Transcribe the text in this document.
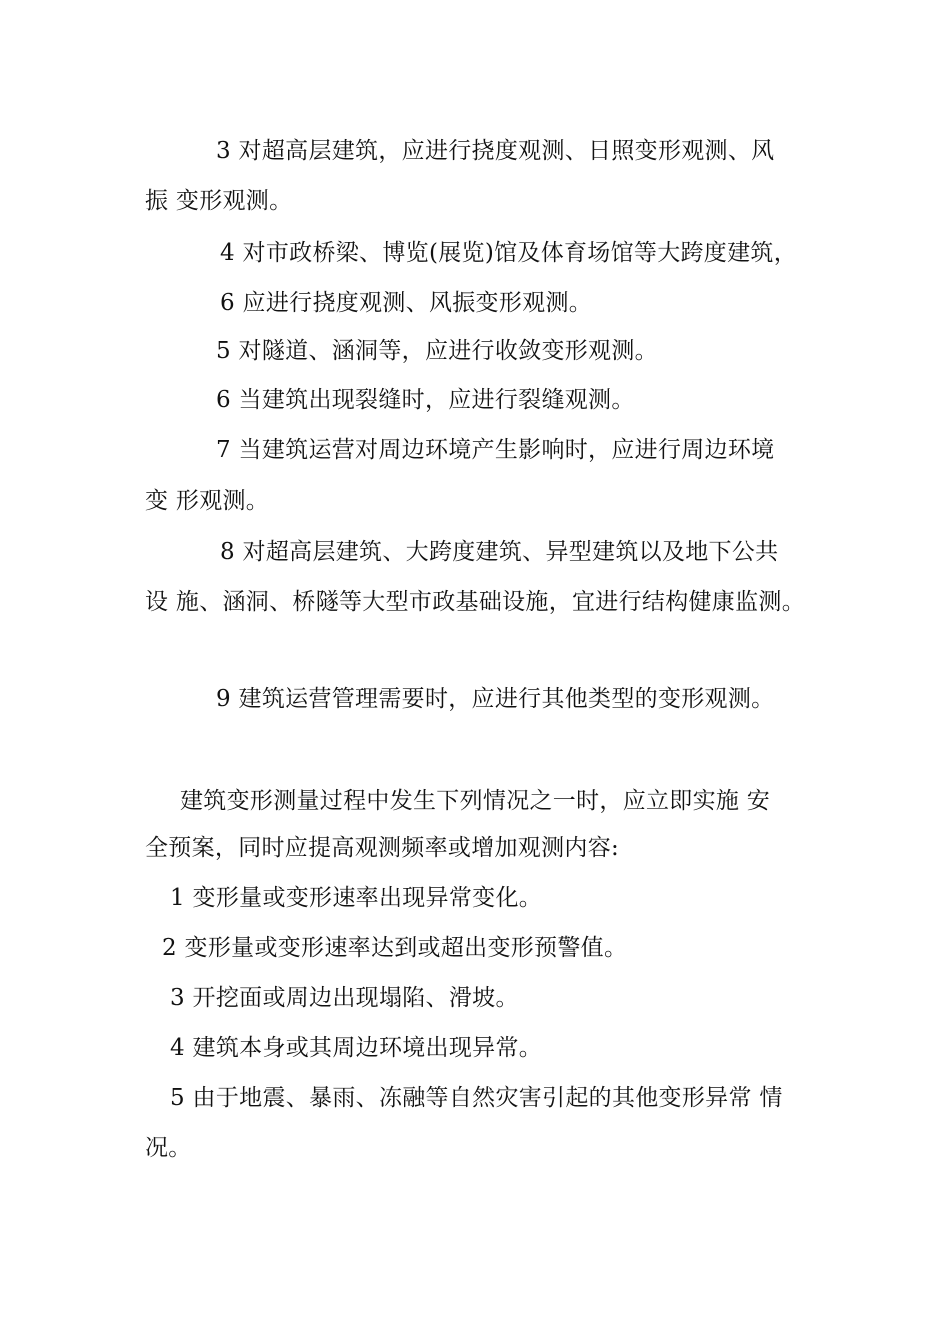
3 对超高层建筑，应进行挠度观测、日照变形观测、风
振 变形观测。
4 对市政桥梁、博览(展览)馆及体育场馆等大跨度建筑，
6 应进行挠度观测、风振变形观测。
5 对隧道、涵洞等，应进行收敛变形观测。
6 当建筑出现裂缝时，应进行裂缝观测。
7 当建筑运营对周边环境产生影响时，应进行周边环境
变 形观测。
8 对超高层建筑、大跨度建筑、异型建筑以及地下公共
设 施、涵洞、桥隧等大型市政基础设施，宜进行结构健康监测。
9 建筑运营管理需要时，应进行其他类型的变形观测。
建筑变形测量过程中发生下列情况之一时，应立即实施 安
全预案，同时应提高观测频率或增加观测内容:
1 变形量或变形速率出现异常变化。
2 变形量或变形速率达到或超出变形预警值。
3 开挖面或周边出现塌陷、滑坡。
4 建筑本身或其周边环境出现异常。
5 由于地震、暴雨、冻融等自然灾害引起的其他变形异常 情
况。
